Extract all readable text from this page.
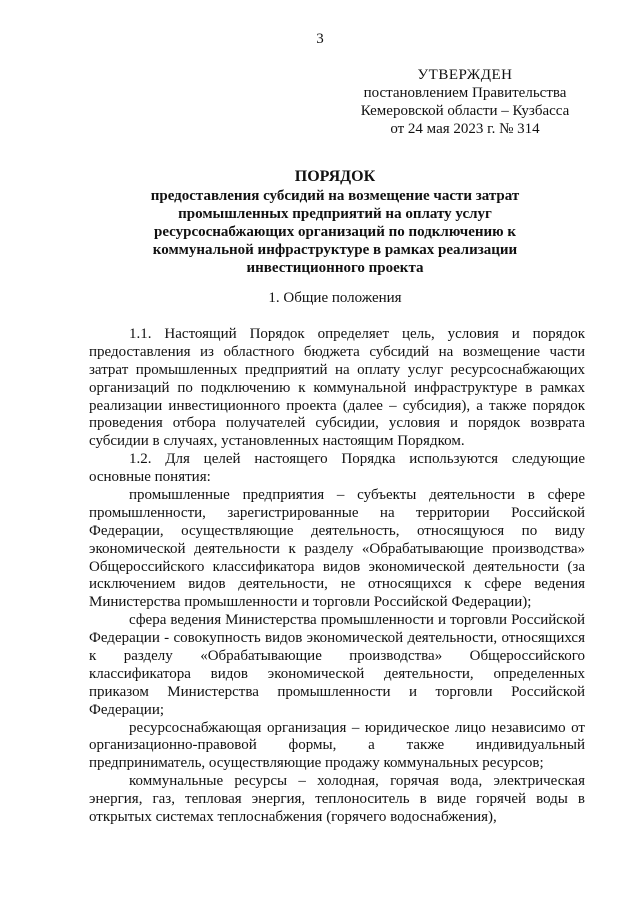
3
УТВЕРЖДЕН
постановлением Правительства
Кемеровской области – Кузбасса
от 24 мая 2023 г. № 314
ПОРЯДОК
предоставления субсидий на возмещение части затрат
промышленных предприятий на оплату услуг
ресурсоснабжающих организаций по подключению к
коммунальной инфраструктуре в рамках реализации
инвестиционного проекта
1. Общие положения
1.1. Настоящий Порядок определяет цель, условия и порядок
предоставления из областного бюджета субсидий на возмещение части
затрат промышленных предприятий на оплату услуг ресурсоснабжающих
организаций по подключению к коммунальной инфраструктуре в рамках
реализации инвестиционного проекта (далее – субсидия), а также порядок
проведения отбора получателей субсидии, условия и порядок возврата
субсидии в случаях, установленных настоящим Порядком.
1.2. Для целей настоящего Порядка используются следующие
основные понятия:
промышленные предприятия – субъекты деятельности в сфере
промышленности, зарегистрированные на территории Российской
Федерации, осуществляющие деятельность, относящуюся по виду
экономической деятельности к разделу «Обрабатывающие производства»
Общероссийского классификатора видов экономической деятельности (за
исключением видов деятельности, не относящихся к сфере ведения
Министерства промышленности и торговли Российской Федерации);
сфера ведения Министерства промышленности и торговли Российской
Федерации - совокупность видов экономической деятельности, относящихся
к разделу «Обрабатывающие производства» Общероссийского
классификатора видов экономической деятельности, определенных
приказом Министерства промышленности и торговли Российской
Федерации;
ресурсоснабжающая организация – юридическое лицо независимо от
организационно-правовой формы, а также индивидуальный
предприниматель, осуществляющие продажу коммунальных ресурсов;
коммунальные ресурсы – холодная, горячая вода, электрическая
энергия, газ, тепловая энергия, теплоноситель в виде горячей воды в
открытых системах теплоснабжения (горячего водоснабжения),
